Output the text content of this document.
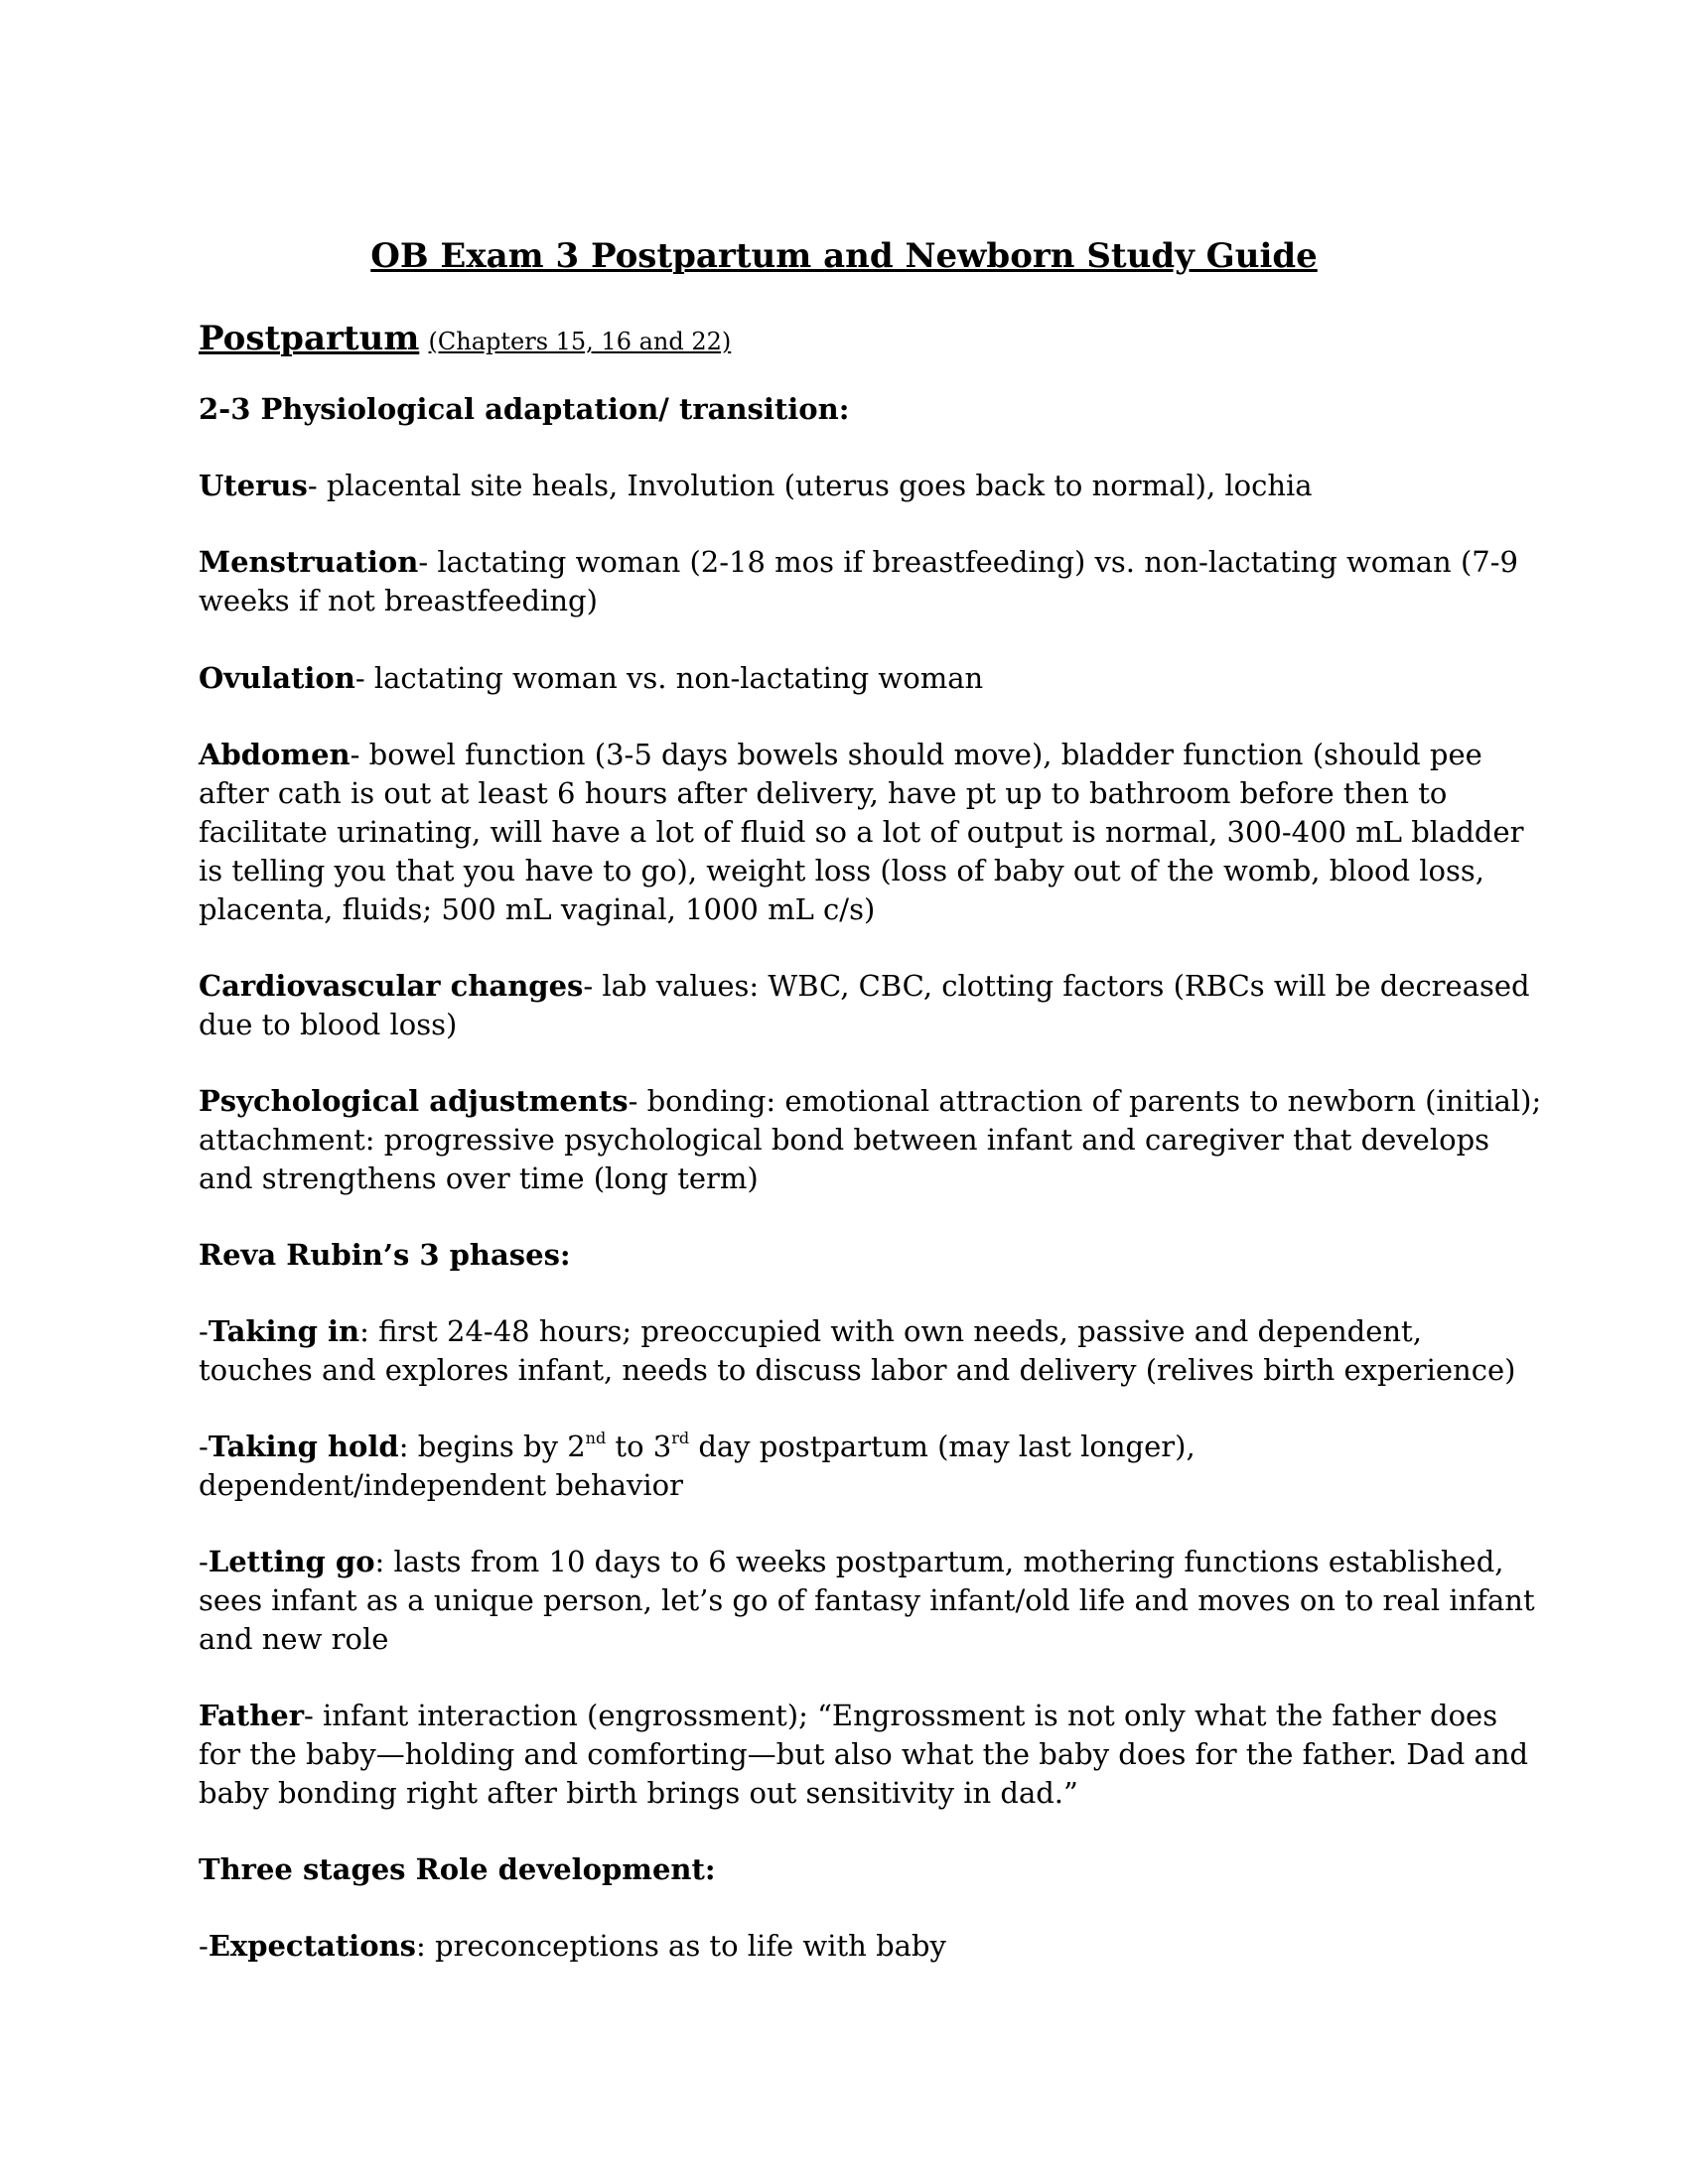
OB Exam 3 Postpartum and Newborn Study Guide
Postpartum (Chapters 15, 16 and 22)
2-3 Physiological adaptation/ transition:
Uterus- placental site heals, Involution (uterus goes back to normal), lochia
Menstruation- lactating woman (2-18 mos if breastfeeding) vs. non-lactating woman (7-9
weeks if not breastfeeding)
Ovulation- lactating woman vs. non-lactating woman
Abdomen- bowel function (3-5 days bowels should move), bladder function (should pee
after cath is out at least 6 hours after delivery, have pt up to bathroom before then to
facilitate urinating, will have a lot of fluid so a lot of output is normal, 300-400 mL bladder
is telling you that you have to go), weight loss (loss of baby out of the womb, blood loss,
placenta, fluids; 500 mL vaginal, 1000 mL c/s)
Cardiovascular changes- lab values: WBC, CBC, clotting factors (RBCs will be decreased
due to blood loss)
Psychological adjustments- bonding: emotional attraction of parents to newborn (initial);
attachment: progressive psychological bond between infant and caregiver that develops
and strengthens over time (long term)
Reva Rubin’s 3 phases:
-Taking in: first 24-48 hours; preoccupied with own needs, passive and dependent,
touches and explores infant, needs to discuss labor and delivery (relives birth experience)
-Taking hold: begins by 2nd to 3rd day postpartum (may last longer),
dependent/independent behavior
-Letting go: lasts from 10 days to 6 weeks postpartum, mothering functions established,
sees infant as a unique person, let’s go of fantasy infant/old life and moves on to real infant
and new role
Father- infant interaction (engrossment); “Engrossment is not only what the father does
for the baby—holding and comforting—but also what the baby does for the father. Dad and
baby bonding right after birth brings out sensitivity in dad.”
Three stages Role development:
-Expectations: preconceptions as to life with baby
